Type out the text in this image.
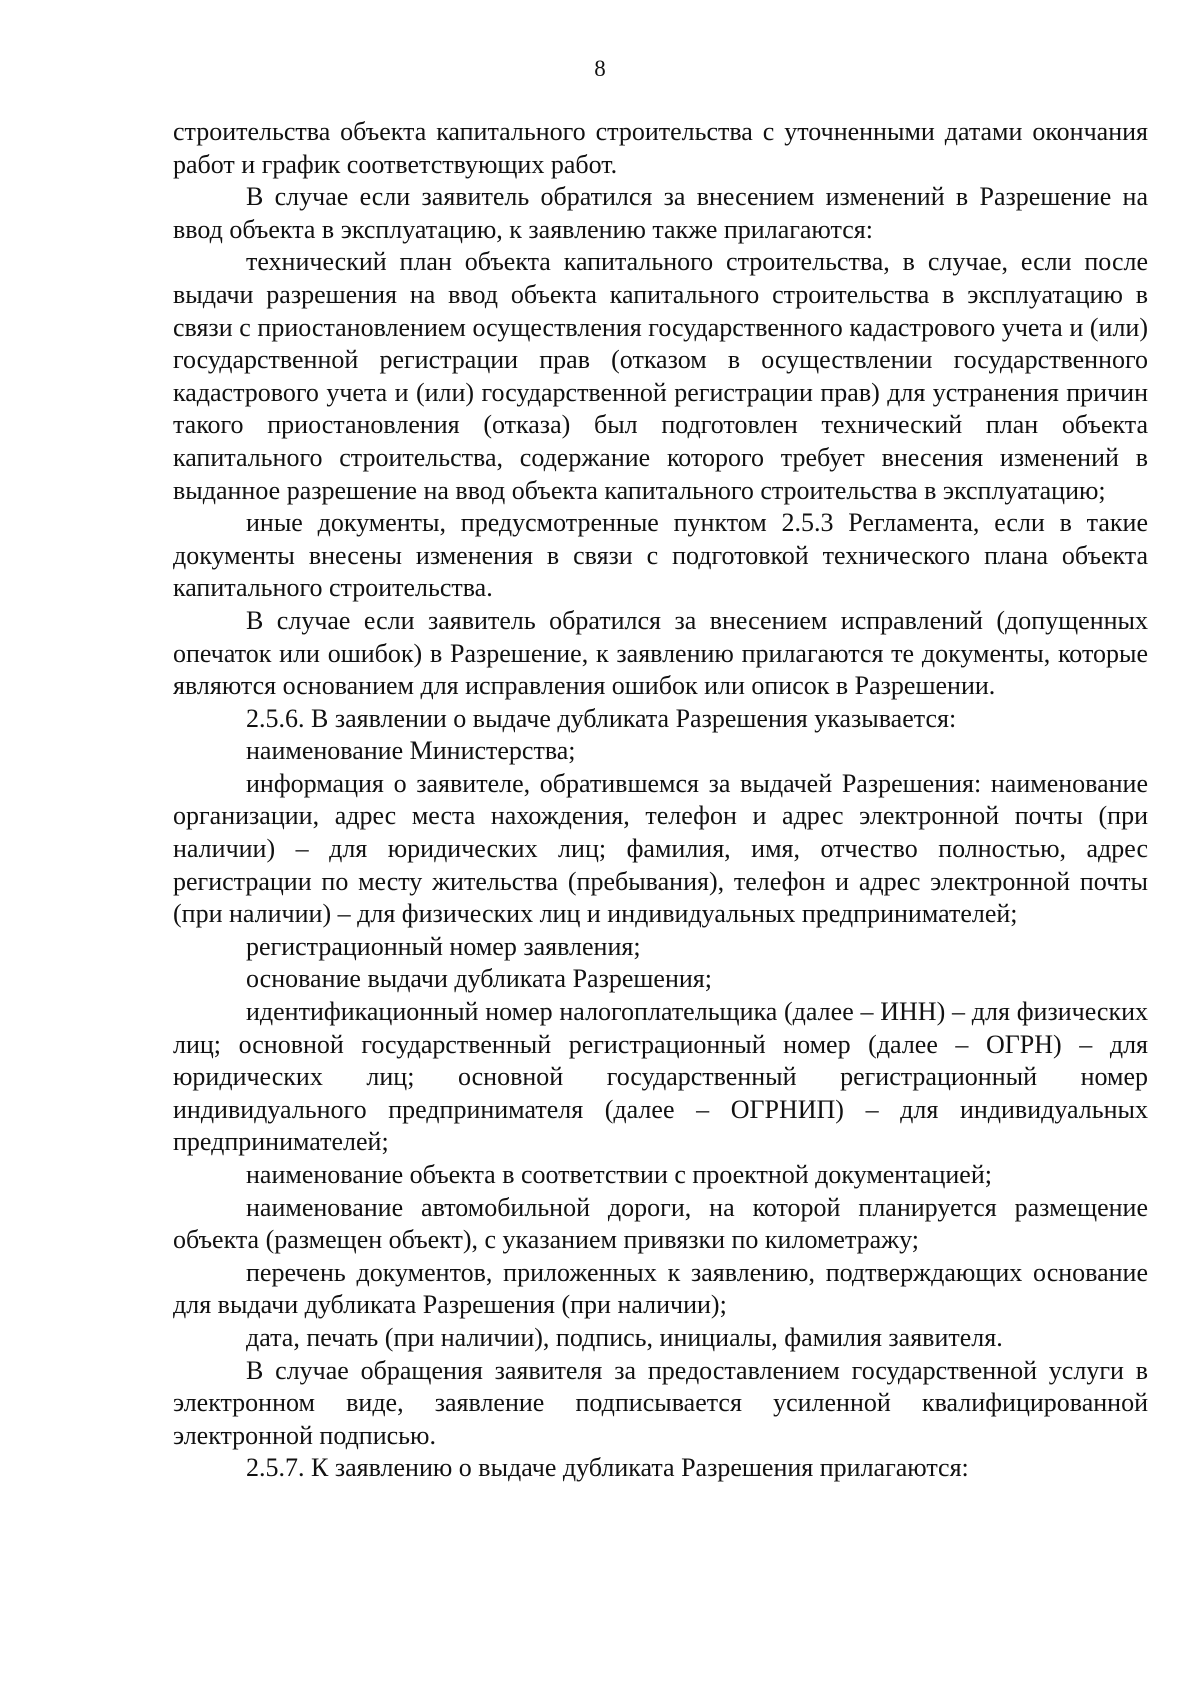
8

строительства объекта капитального строительства с уточненными датами окончания работ и график соответствующих работ.

В случае если заявитель обратился за внесением изменений в Разрешение на ввод объекта в эксплуатацию, к заявлению также прилагаются:

технический план объекта капитального строительства, в случае, если после выдачи разрешения на ввод объекта капитального строительства в эксплуатацию в связи с приостановлением осуществления государственного кадастрового учета и (или) государственной регистрации прав (отказом в осуществлении государственного кадастрового учета и (или) государственной регистрации прав) для устранения причин такого приостановления (отказа) был подготовлен технический план объекта капитального строительства, содержание которого требует внесения изменений в выданное разрешение на ввод объекта капитального строительства в эксплуатацию;

иные документы, предусмотренные пунктом 2.5.3 Регламента, если в такие документы внесены изменения в связи с подготовкой технического плана объекта капитального строительства.

В случае если заявитель обратился за внесением исправлений (допущенных опечаток или ошибок) в Разрешение, к заявлению прилагаются те документы, которые являются основанием для исправления ошибок или описок в Разрешении.

2.5.6. В заявлении о выдаче дубликата Разрешения указывается:

наименование Министерства;

информация о заявителе, обратившемся за выдачей Разрешения: наименование организации, адрес места нахождения, телефон и адрес электронной почты (при наличии) – для юридических лиц; фамилия, имя, отчество полностью, адрес регистрации по месту жительства (пребывания), телефон и адрес электронной почты (при наличии) – для физических лиц и индивидуальных предпринимателей;

регистрационный номер заявления;

основание выдачи дубликата Разрешения;

идентификационный номер налогоплательщика (далее – ИНН) – для физических лиц; основной государственный регистрационный номер (далее – ОГРН) – для юридических лиц; основной государственный регистрационный номер индивидуального предпринимателя (далее – ОГРНИП) – для индивидуальных предпринимателей;

наименование объекта в соответствии с проектной документацией;

наименование автомобильной дороги, на которой планируется размещение объекта (размещен объект), с указанием привязки по километражу;

перечень документов, приложенных к заявлению, подтверждающих основание для выдачи дубликата Разрешения (при наличии);

дата, печать (при наличии), подпись, инициалы, фамилия заявителя.

В случае обращения заявителя за предоставлением государственной услуги в электронном виде, заявление подписывается усиленной квалифицированной электронной подписью.

2.5.7. К заявлению о выдаче дубликата Разрешения прилагаются:
